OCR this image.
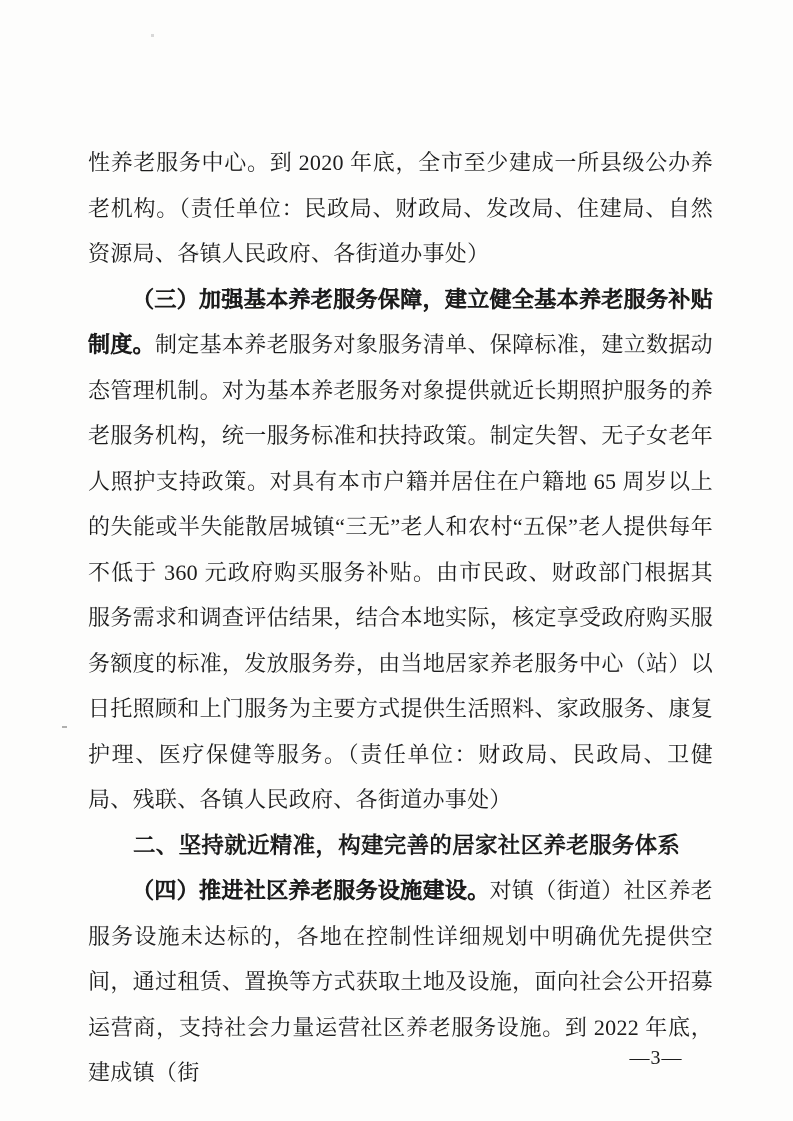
性养老服务中心。到 2020 年底，全市至少建成一所县级公办养老机构。（责任单位：民政局、财政局、发改局、住建局、自然资源局、各镇人民政府、各街道办事处）

（三）加强基本养老服务保障，建立健全基本养老服务补贴制度。制定基本养老服务对象服务清单、保障标准，建立数据动态管理机制。对为基本养老服务对象提供就近长期照护服务的养老服务机构，统一服务标准和扶持政策。制定失智、无子女老年人照护支持政策。对具有本市户籍并居住在户籍地 65 周岁以上的失能或半失能散居城镇“三无”老人和农村“五保”老人提供每年不低于 360 元政府购买服务补贴。由市民政、财政部门根据其服务需求和调查评估结果，结合本地实际，核定享受政府购买服务额度的标准，发放服务券，由当地居家养老服务中心（站）以日托照顾和上门服务为主要方式提供生活照料、家政服务、康复护理、医疗保健等服务。（责任单位：财政局、民政局、卫健局、残联、各镇人民政府、各街道办事处）

二、坚持就近精准，构建完善的居家社区养老服务体系

（四）推进社区养老服务设施建设。对镇（街道）社区养老服务设施未达标的，各地在控制性详细规划中明确优先提供空间，通过租赁、置换等方式获取土地及设施，面向社会公开招募运营商，支持社会力量运营社区养老服务设施。到 2022 年底，建成镇（街

—3—
